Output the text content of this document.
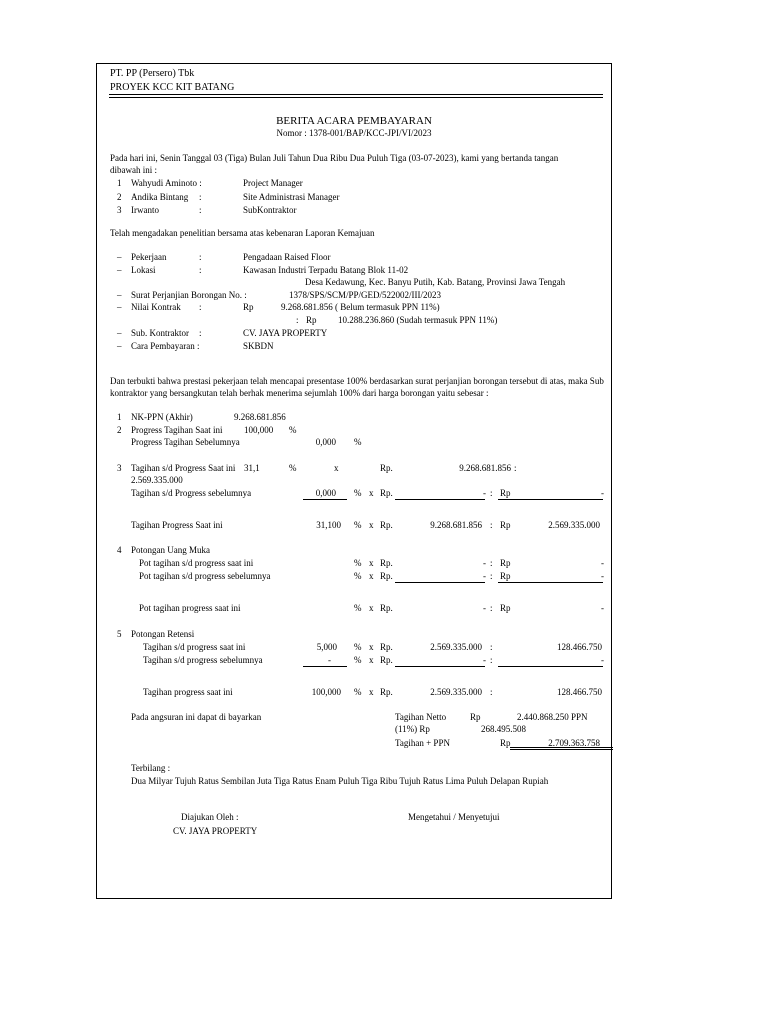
PT. PP (Persero) Tbk
PROYEK KCC KIT BATANG
BERITA ACARA PEMBAYARAN
Nomor : 1378-001/BAP/KCC-JPI/VI/2023
Pada hari ini, Senin Tanggal 03 (Tiga) Bulan Juli Tahun Dua Ribu Dua Puluh Tiga (03-07-2023), kami yang bertanda tangan
dibawah ini :
1 Wahyudi Aminoto :	Project Manager
2 Andika Bintang :	Site Administrasi Manager
3 Irwanto	:	SubKontraktor
Telah mengadakan penelitian bersama atas kebenaran Laporan Kemajuan
– Pekerjaan	:	Pengadaan Raised Floor
– Lokasi	:	Kawasan Industri Terpadu Batang Blok 11-02
Desa Kedawung, Kec. Banyu Putih, Kab. Batang, Provinsi Jawa Tengah
– Surat Perjanjian Borongan No. :	1378/SPS/SCM/PP/GED/522002/III/2023
– Nilai Kontrak :	Rp	9.268.681.856 ( Belum termasuk PPN 11%)
: Rp 10.288.236.860 (Sudah termasuk PPN 11%)
– Sub. Kontraktor :	CV. JAYA PROPERTY
– Cara Pembayaran :	SKBDN
Dan terbukti bahwa prestasi pekerjaan telah mencapai presentase 100% berdasarkan surat perjanjian borongan tersebut di atas, maka Sub
kontraktor yang bersangkutan telah berhak menerima sejumlah 100% dari harga borongan yaitu sebesar :
1 NK-PPN (Akhir)	9.268.681.856
2 Progress Tagihan Saat ini 100,000 %
Progress Tagihan Sebelumnya	0,000 %
3 Tagihan s/d Progress Saat ini 31,1	%	x	Rp.	9.268.681.856 :
2.569.335.000
Tagihan s/d Progress sebelumnya	0,000 % x Rp.	- : Rp	-
Tagihan Progress Saat ini	31,100 % x Rp.	9.268.681.856 : Rp	2.569.335.000
4 Potongan Uang Muka
Pot tagihan s/d progress saat ini	% x Rp.	- : Rp	-
Pot tagihan s/d progress sebelumnya	% x Rp.	- : Rp	-
Pot tagihan progress saat ini	% x Rp.	- : Rp	-
5 Potongan Retensi
Tagihan s/d progress saat ini	5,000 % x Rp.	2.569.335.000 :	128.466.750
Tagihan s/d progress sebelumnya	-	% x Rp.	- :	-
Tagihan progress saat ini	100,000 % x Rp.	2.569.335.000 :	128.466.750
Pada angsuran ini dapat di bayarkan	Tagihan Netto	Rp	2.440.868.250 PPN
(11%) Rp	268.495.508
Tagihan + PPN	Rp	2.709.363.758
Terbilang :
Dua Milyar Tujuh Ratus Sembilan Juta Tiga Ratus Enam Puluh Tiga Ribu Tujuh Ratus Lima Puluh Delapan Rupiah
Diajukan Oleh :
CV. JAYA PROPERTY
Mengetahui / Menyetujui
